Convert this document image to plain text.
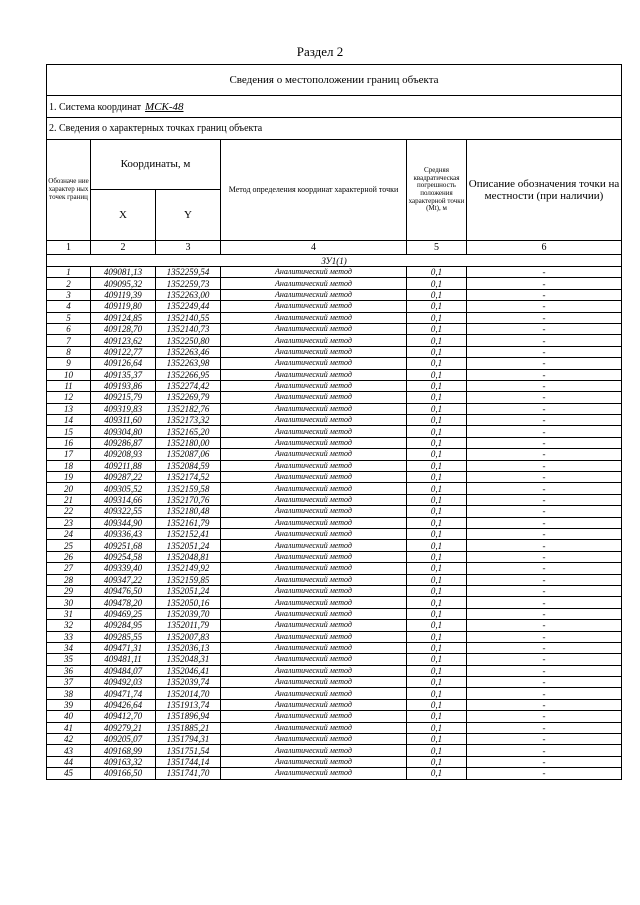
Раздел 2
Сведения о местоположении границ объекта					
1. Система координат МСК-48					
2. Сведения о характерных точках границ объекта					
Обозначе ние характер ных точек границ	Координаты, м		Метод определения координат характерной точки	Средняя квадратическая погрешность положения характерной точки (Mt), м	Описание обозначения точки на местности (при наличии)
	X	Y			
1	2	3	4	5	6
ЗУ1(1)					
1	409081,13	1352259,54	Аналитический метод	0,1	-
2	409095,32	1352259,73	Аналитический метод	0,1	-
3	409119,39	1352263,00	Аналитический метод	0,1	-
4	409119,80	1352249,44	Аналитический метод	0,1	-
5	409124,85	1352140,55	Аналитический метод	0,1	-
6	409128,70	1352140,73	Аналитический метод	0,1	-
7	409123,62	1352250,80	Аналитический метод	0,1	-
8	409122,77	1352263,46	Аналитический метод	0,1	-
9	409126,64	1352263,98	Аналитический метод	0,1	-
10	409135,37	1352266,95	Аналитический метод	0,1	-
11	409193,86	1352274,42	Аналитический метод	0,1	-
12	409215,79	1352269,79	Аналитический метод	0,1	-
13	409319,83	1352182,76	Аналитический метод	0,1	-
14	409311,60	1352173,32	Аналитический метод	0,1	-
15	409304,80	1352165,20	Аналитический метод	0,1	-
16	409286,87	1352180,00	Аналитический метод	0,1	-
17	409208,93	1352087,06	Аналитический метод	0,1	-
18	409211,88	1352084,59	Аналитический метод	0,1	-
19	409287,22	1352174,52	Аналитический метод	0,1	-
20	409305,52	1352159,58	Аналитический метод	0,1	-
21	409314,66	1352170,76	Аналитический метод	0,1	-
22	409322,55	1352180,48	Аналитический метод	0,1	-
23	409344,90	1352161,79	Аналитический метод	0,1	-
24	409336,43	1352152,41	Аналитический метод	0,1	-
25	409251,68	1352051,24	Аналитический метод	0,1	-
26	409254,58	1352048,81	Аналитический метод	0,1	-
27	409339,40	1352149,92	Аналитический метод	0,1	-
28	409347,22	1352159,85	Аналитический метод	0,1	-
29	409476,50	1352051,24	Аналитический метод	0,1	-
30	409478,20	1352050,16	Аналитический метод	0,1	-
31	409469,25	1352039,70	Аналитический метод	0,1	-
32	409284,95	1352011,79	Аналитический метод	0,1	-
33	409285,55	1352007,83	Аналитический метод	0,1	-
34	409471,31	1352036,13	Аналитический метод	0,1	-
35	409481,11	1352048,31	Аналитический метод	0,1	-
36	409484,07	1352046,41	Аналитический метод	0,1	-
37	409492,03	1352039,74	Аналитический метод	0,1	-
38	409471,74	1352014,70	Аналитический метод	0,1	-
39	409426,64	1351913,74	Аналитический метод	0,1	-
40	409412,70	1351896,94	Аналитический метод	0,1	-
41	409279,21	1351885,21	Аналитический метод	0,1	-
42	409205,07	1351794,31	Аналитический метод	0,1	-
43	409168,99	1351751,54	Аналитический метод	0,1	-
44	409163,32	1351744,14	Аналитический метод	0,1	-
45	409166,50	1351741,70	Аналитический метод	0,1	-
